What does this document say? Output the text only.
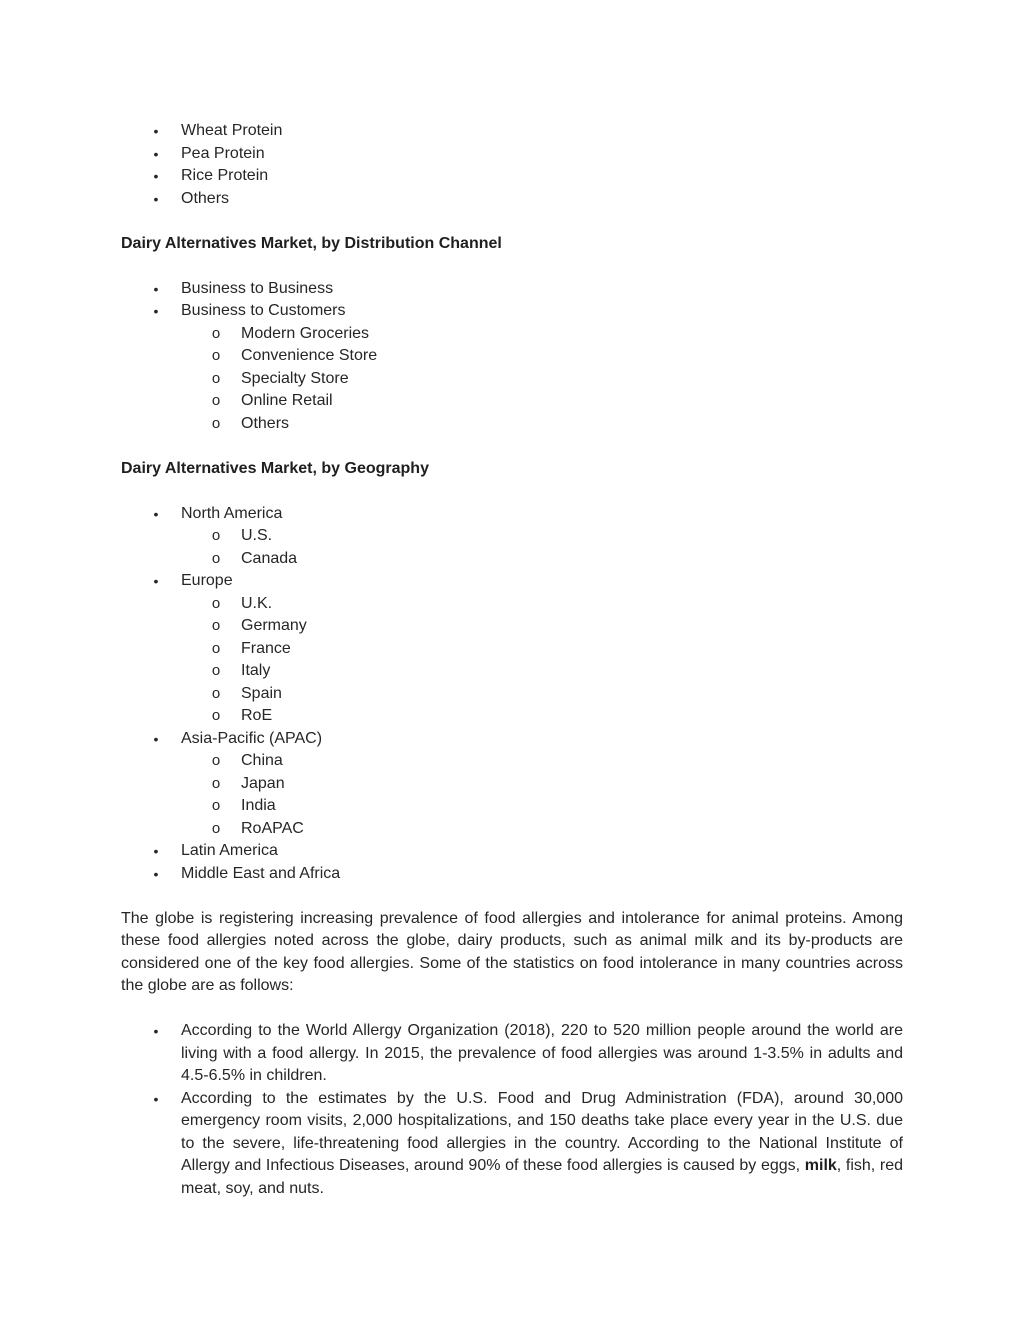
•	Wheat Protein
•	Pea Protein
•	Rice Protein
•	Others
Dairy Alternatives Market, by Distribution Channel
•	Business to Business
•	Business to Customers
o	Modern Groceries
o	Convenience Store
o	Specialty Store
o	Online Retail
o	Others
Dairy Alternatives Market, by Geography
•	North America
o	U.S.
o	Canada
•	Europe
o	U.K.
o	Germany
o	France
o	Italy
o	Spain
o	RoE
•	Asia-Pacific (APAC)
o	China
o	Japan
o	India
o	RoAPAC
•	Latin America
•	Middle East and Africa

The globe is registering increasing prevalence of food allergies and intolerance for animal proteins. Among these food allergies noted across the globe, dairy products, such as animal milk and its by-products are considered one of the key food allergies. Some of the statistics on food intolerance in many countries across the globe are as follows:

•	According to the World Allergy Organization (2018), 220 to 520 million people around the world are living with a food allergy. In 2015, the prevalence of food allergies was around 1-3.5% in adults and 4.5-6.5% in children.
•	According to the estimates by the U.S. Food and Drug Administration (FDA), around 30,000 emergency room visits, 2,000 hospitalizations, and 150 deaths take place every year in the U.S. due to the severe, life-threatening food allergies in the country. According to the National Institute of Allergy and Infectious Diseases, around 90% of these food allergies is caused by eggs, milk, fish, red meat, soy, and nuts.
